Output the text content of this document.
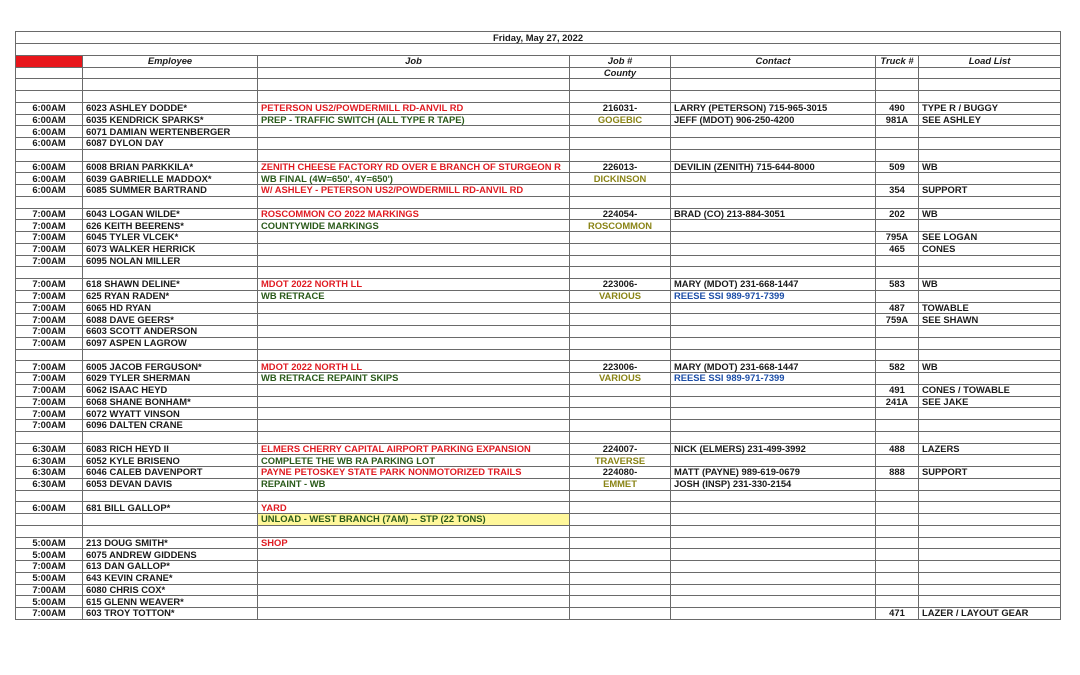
Friday, May 27, 2022						

Time	Employee	Job	Job #	Contact	Truck #	Load List
			County			

6:00AM	6023 ASHLEY DODDE*	PETERSON US2/POWDERMILL RD-ANVIL RD	216031-	LARRY (PETERSON) 715-965-3015	490	TYPE R / BUGGY
6:00AM	6035 KENDRICK SPARKS*	PREP - TRAFFIC SWITCH (ALL TYPE R TAPE)	GOGEBIC	JEFF (MDOT) 906-250-4200	981A	SEE ASHLEY
6:00AM	6071 DAMIAN WERTENBERGER					
6:00AM	6087 DYLON DAY					

6:00AM	6008 BRIAN PARKKILA*	ZENITH CHEESE FACTORY RD OVER E BRANCH OF STURGEON R	226013-	DEVILIN (ZENITH) 715-644-8000	509	WB
6:00AM	6039 GABRIELLE MADDOX*	WB FINAL (4W=650', 4Y=650')	DICKINSON			
6:00AM	6085 SUMMER BARTRAND	W/ ASHLEY - PETERSON US2/POWDERMILL RD-ANVIL RD			354	SUPPORT

7:00AM	6043 LOGAN WILDE*	ROSCOMMON CO 2022 MARKINGS	224054-	BRAD (CO) 213-884-3051	202	WB
7:00AM	626 KEITH BEERENS*	COUNTYWIDE MARKINGS	ROSCOMMON			
7:00AM	6045 TYLER VLCEK*				795A	SEE LOGAN
7:00AM	6073 WALKER HERRICK				465	CONES
7:00AM	6095 NOLAN MILLER					

7:00AM	618 SHAWN DELINE*	MDOT 2022 NORTH LL	223006-	MARY (MDOT) 231-668-1447	583	WB
7:00AM	625 RYAN RADEN*	WB RETRACE	VARIOUS	REESE SSI 989-971-7399		
7:00AM	6065 HD RYAN				487	TOWABLE
7:00AM	6088 DAVE GEERS*				759A	SEE SHAWN
7:00AM	6603 SCOTT ANDERSON					
7:00AM	6097 ASPEN LAGROW					

7:00AM	6005 JACOB FERGUSON*	MDOT 2022 NORTH LL	223006-	MARY (MDOT) 231-668-1447	582	WB
7:00AM	6029 TYLER SHERMAN	WB RETRACE REPAINT SKIPS	VARIOUS	REESE SSI 989-971-7399		
7:00AM	6062 ISAAC HEYD				491	CONES / TOWABLE
7:00AM	6068 SHANE BONHAM*				241A	SEE JAKE
7:00AM	6072 WYATT VINSON					
7:00AM	6096 DALTEN CRANE					

6:30AM	6083 RICH HEYD II	ELMERS CHERRY CAPITAL AIRPORT PARKING EXPANSION	224007-	NICK (ELMERS) 231-499-3992	488	LAZERS
6:30AM	6052 KYLE BRISENO	COMPLETE THE WB RA PARKING LOT	TRAVERSE			
6:30AM	6046 CALEB DAVENPORT	PAYNE PETOSKEY STATE PARK NONMOTORIZED TRAILS	224080-	MATT (PAYNE) 989-619-0679	888	SUPPORT
6:30AM	6053 DEVAN DAVIS	REPAINT - WB	EMMET	JOSH (INSP) 231-330-2154		

6:00AM	681 BILL GALLOP*	YARD				
		UNLOAD - WEST BRANCH (7AM) -- STP (22 TONS)				

5:00AM	213 DOUG SMITH*	SHOP				
5:00AM	6075 ANDREW GIDDENS					
7:00AM	613 DAN GALLOP*					
5:00AM	643 KEVIN CRANE*					
7:00AM	6080 CHRIS COX*					
5:00AM	615 GLENN WEAVER*					
7:00AM	603 TROY TOTTON*				471	LAZER / LAYOUT GEAR
